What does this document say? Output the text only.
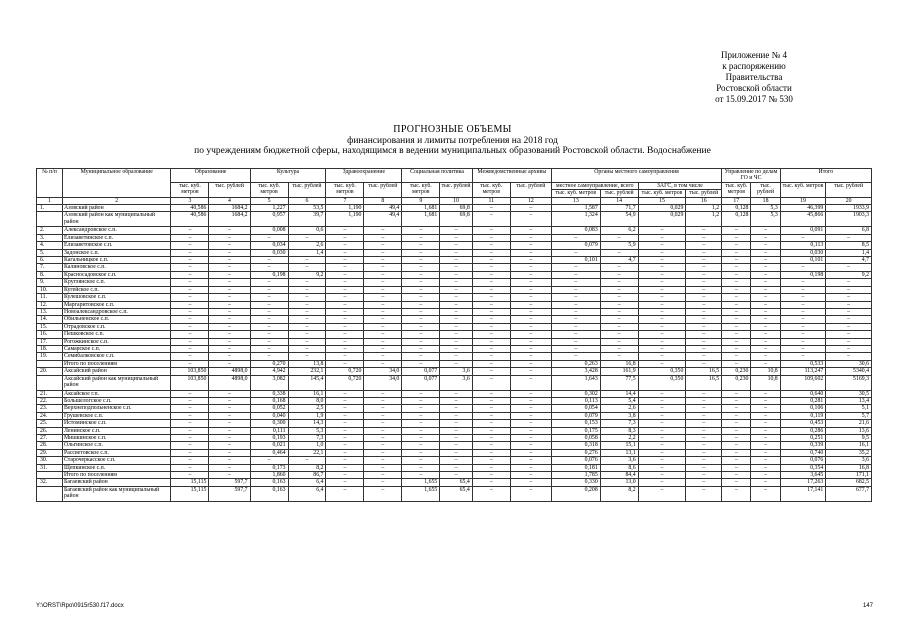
Приложение № 4
к распоряжению
Правительства
Ростовской области
от 15.09.2017 № 530
ПРОГНОЗНЫЕ ОБЪЕМЫ
финансирования и лимиты потребления на 2018 год
по учреждениям бюджетной сферы, находящимся в ведении муниципальных образований Ростовской области. Водоснабжение
№ п/п	Муниципальное образование	Образование		Культура		Здравоохранение		Социальная политика		Межведомственные архивы		Органы местного самоуправления				Управление по делам ГО и ЧС		Итого	
		тыс. куб. метров	тыс. рублей	тыс. куб. метров	тыс. рублей	тыс. куб. метров	тыс. рублей	тыс. куб. метров	тыс. рублей	тыс. куб. метров	тыс. рублей	местное самоуправление, всего		ЗАГС, в том числе		тыс. куб. метров	тыс. рублей	тыс. куб. метров	тыс. рублей
												тыс. куб. метров	тыс. рублей	тыс. куб. метров	тыс. рублей				
1	2	3	4	5	6	7	8	9	10	11	12	13	14	15	16	17	18	19	20
1.	Азовский район	40,586	1684,2	1,227	53,5	1,190	49,4	1,681	69,8	–	–	1,587	71,7	0,029	1,2	0,128	5,3	46,399	1933,9
	Азовский район как муниципальный район	40,586	1684,2	0,957	39,7	1,190	49,4	1,681	69,8	–	–	1,324	54,9	0,029	1,2	0,128	5,3	45,866	1903,3
2.	Александровское с.п.	–	–	0,008	0,6	–	–	–	–	–	–	0,083	6,2	–	–	–	–	0,091	6,8
3.	Елизаветинское с.п.	–	–	–	–	–	–	–	–	–	–	–	–	–	–	–	–	–	–
4.	Елизаветовское с.п.	–	–	0,034	2,6	–	–	–	–	–	–	0,079	5,9	–	–	–	–	0,113	8,5
5.	Задонское с.п.	–	–	0,030	1,4	–	–	–	–	–	–	–	–	–	–	–	–	0,030	1,4
6.	Кагальницкое с.п.	–	–	–	–	–	–	–	–	–	–	0,101	4,7	–	–	–	–	0,101	4,7
7.	Калиновское с.п.	–	–	–	–	–	–	–	–	–	–	–	–	–	–	–	–	–	–
8.	Красносадовское с.п.	–	–	0,198	9,2	–	–	–	–	–	–	–	–	–	–	–	–	0,198	9,2
9.	Круглянское с.п.	–	–	–	–	–	–	–	–	–	–	–	–	–	–	–	–	–	–
10.	Кугейское с.п.	–	–	–	–	–	–	–	–	–	–	–	–	–	–	–	–	–	–
11.	Кулешовское с.п.	–	–	–	–	–	–	–	–	–	–	–	–	–	–	–	–	–	–
12.	Маргаритовское с.п.	–	–	–	–	–	–	–	–	–	–	–	–	–	–	–	–	–	–
13.	Новоалександровское с.п.	–	–	–	–	–	–	–	–	–	–	–	–	–	–	–	–	–	–
14.	Обильненское с.п.	–	–	–	–	–	–	–	–	–	–	–	–	–	–	–	–	–	–
15.	Отрадовское с.п.	–	–	–	–	–	–	–	–	–	–	–	–	–	–	–	–	–	–
16.	Пешковское с.п.	–	–	–	–	–	–	–	–	–	–	–	–	–	–	–	–	–	–
17.	Рогожкинское с.п.	–	–	–	–	–	–	–	–	–	–	–	–	–	–	–	–	–	–
18.	Самарское с.п.	–	–	–	–	–	–	–	–	–	–	–	–	–	–	–	–	–	–
19.	Семибалковское с.п.	–	–	–	–	–	–	–	–	–	–	–	–	–	–	–	–	–	–
	Итого по поселениям	–	–	0,270	13,8	–	–	–	–	–	–	0,263	16,8	–	–	–	–	0,533	30,6
20.	Аксайский район	103,850	4898,0	4,942	232,1	0,720	34,0	0,077	3,6	–	–	3,428	161,9	0,350	16,5	0,230	10,8	113,247	5340,4
	Аксайский район как муниципальный район	103,850	4898,0	3,082	145,4	0,720	34,0	0,077	3,6	–	–	1,643	77,5	0,350	16,5	0,230	10,8	109,602	5169,3
21.	Аксайское г.п.	–	–	0,338	16,1	–	–	–	–	–	–	0,302	14,4	–	–	–	–	0,640	30,5
22.	Большелогское с.п.	–	–	0,168	8,0	–	–	–	–	–	–	0,113	5,4	–	–	–	–	0,281	13,4
23.	Верхнеподпольненское с.п.	–	–	0,052	2,5	–	–	–	–	–	–	0,054	2,6	–	–	–	–	0,106	5,1
24.	Грушевское с.п.	–	–	0,040	1,9	–	–	–	–	–	–	0,079	3,8	–	–	–	–	0,119	5,7
25.	Истоминское с.п.	–	–	0,300	14,3	–	–	–	–	–	–	0,153	7,3	–	–	–	–	0,453	21,6
26.	Ленинское с.п.	–	–	0,111	5,3	–	–	–	–	–	–	0,175	8,3	–	–	–	–	0,286	13,6
27.	Мишкинское с.п.	–	–	0,193	7,3	–	–	–	–	–	–	0,058	2,2	–	–	–	–	0,251	9,5
28.	Ольгинское с.п.	–	–	0,021	1,0	–	–	–	–	–	–	0,318	15,1	–	–	–	–	0,339	16,1
29.	Рассветовское с.п.	–	–	0,464	22,1	–	–	–	–	–	–	0,276	13,1	–	–	–	–	0,740	35,2
30.	Старочеркасское с.п.	–	–	–	–	–	–	–	–	–	–	0,076	3,6	–	–	–	–	0,076	3,6
31.	Щепкинское с.п.	–	–	0,173	8,2	–	–	–	–	–	–	0,181	8,6	–	–	–	–	0,354	16,8
	Итого по поселениям	–	–	1,860	86,7	–	–	–	–	–	–	1,785	84,4	–	–	–	–	3,645	171,1
32.	Багаевский район	15,115	597,7	0,163	6,4	–	–	1,655	65,4	–	–	0,330	13,0	–	–	–	–	17,263	682,5
	Багаевский район как муниципальный район	15,115	597,7	0,163	6,4	–	–	1,655	65,4	–	–	0,208	8,2	–	–	–	–	17,141	677,7
Y:\ORST\Rpo\0915r530.f17.docx	147
